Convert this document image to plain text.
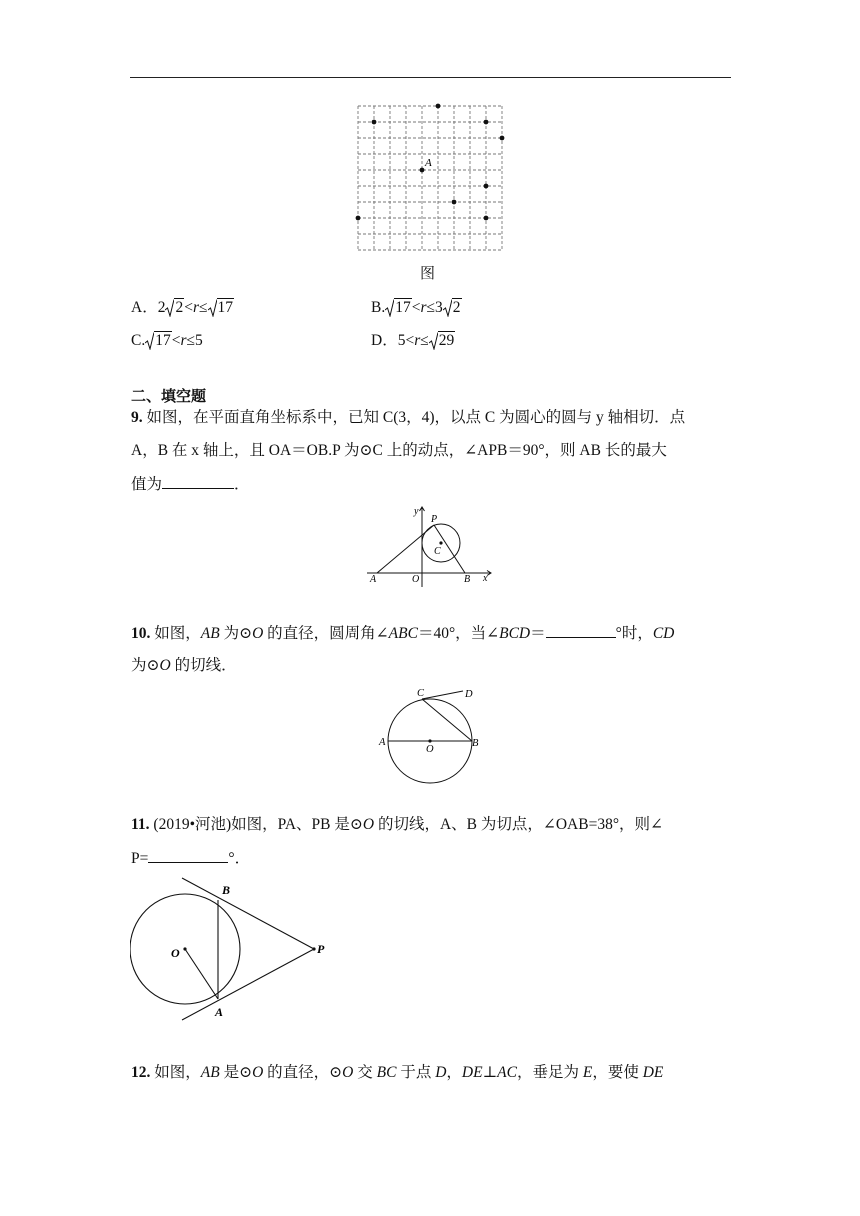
A
图
A．2 2<r≤ 17	B. 17<r≤3 2
C. 17<r≤5	D．5<r≤ 29
二、填空题
9. 如图，在平面直角坐标系中，已知 C(3，4)，以点 C 为圆心的圆与 y 轴相切．点
A，B 在 x 轴上，且 OA＝OB.P 为⊙C 上的动点，∠APB＝90°，则 AB 长的最大
值为	．
y
P
C
A	O	B x
10. 如图，AB 为⊙O 的直径，圆周角∠ABC＝40°，当∠BCD＝	°时，CD
为⊙O 的切线．
C	D
A
O
B
11. (2019•河池)如图，PA、PB 是⊙O 的切线，A、B 为切点，∠OAB=38°，则∠
P=	°．
B
O	P
A
12. 如图，AB 是⊙O 的直径，⊙O 交 BC 于点 D，DE⊥AC，垂足为 E，要使 DE
